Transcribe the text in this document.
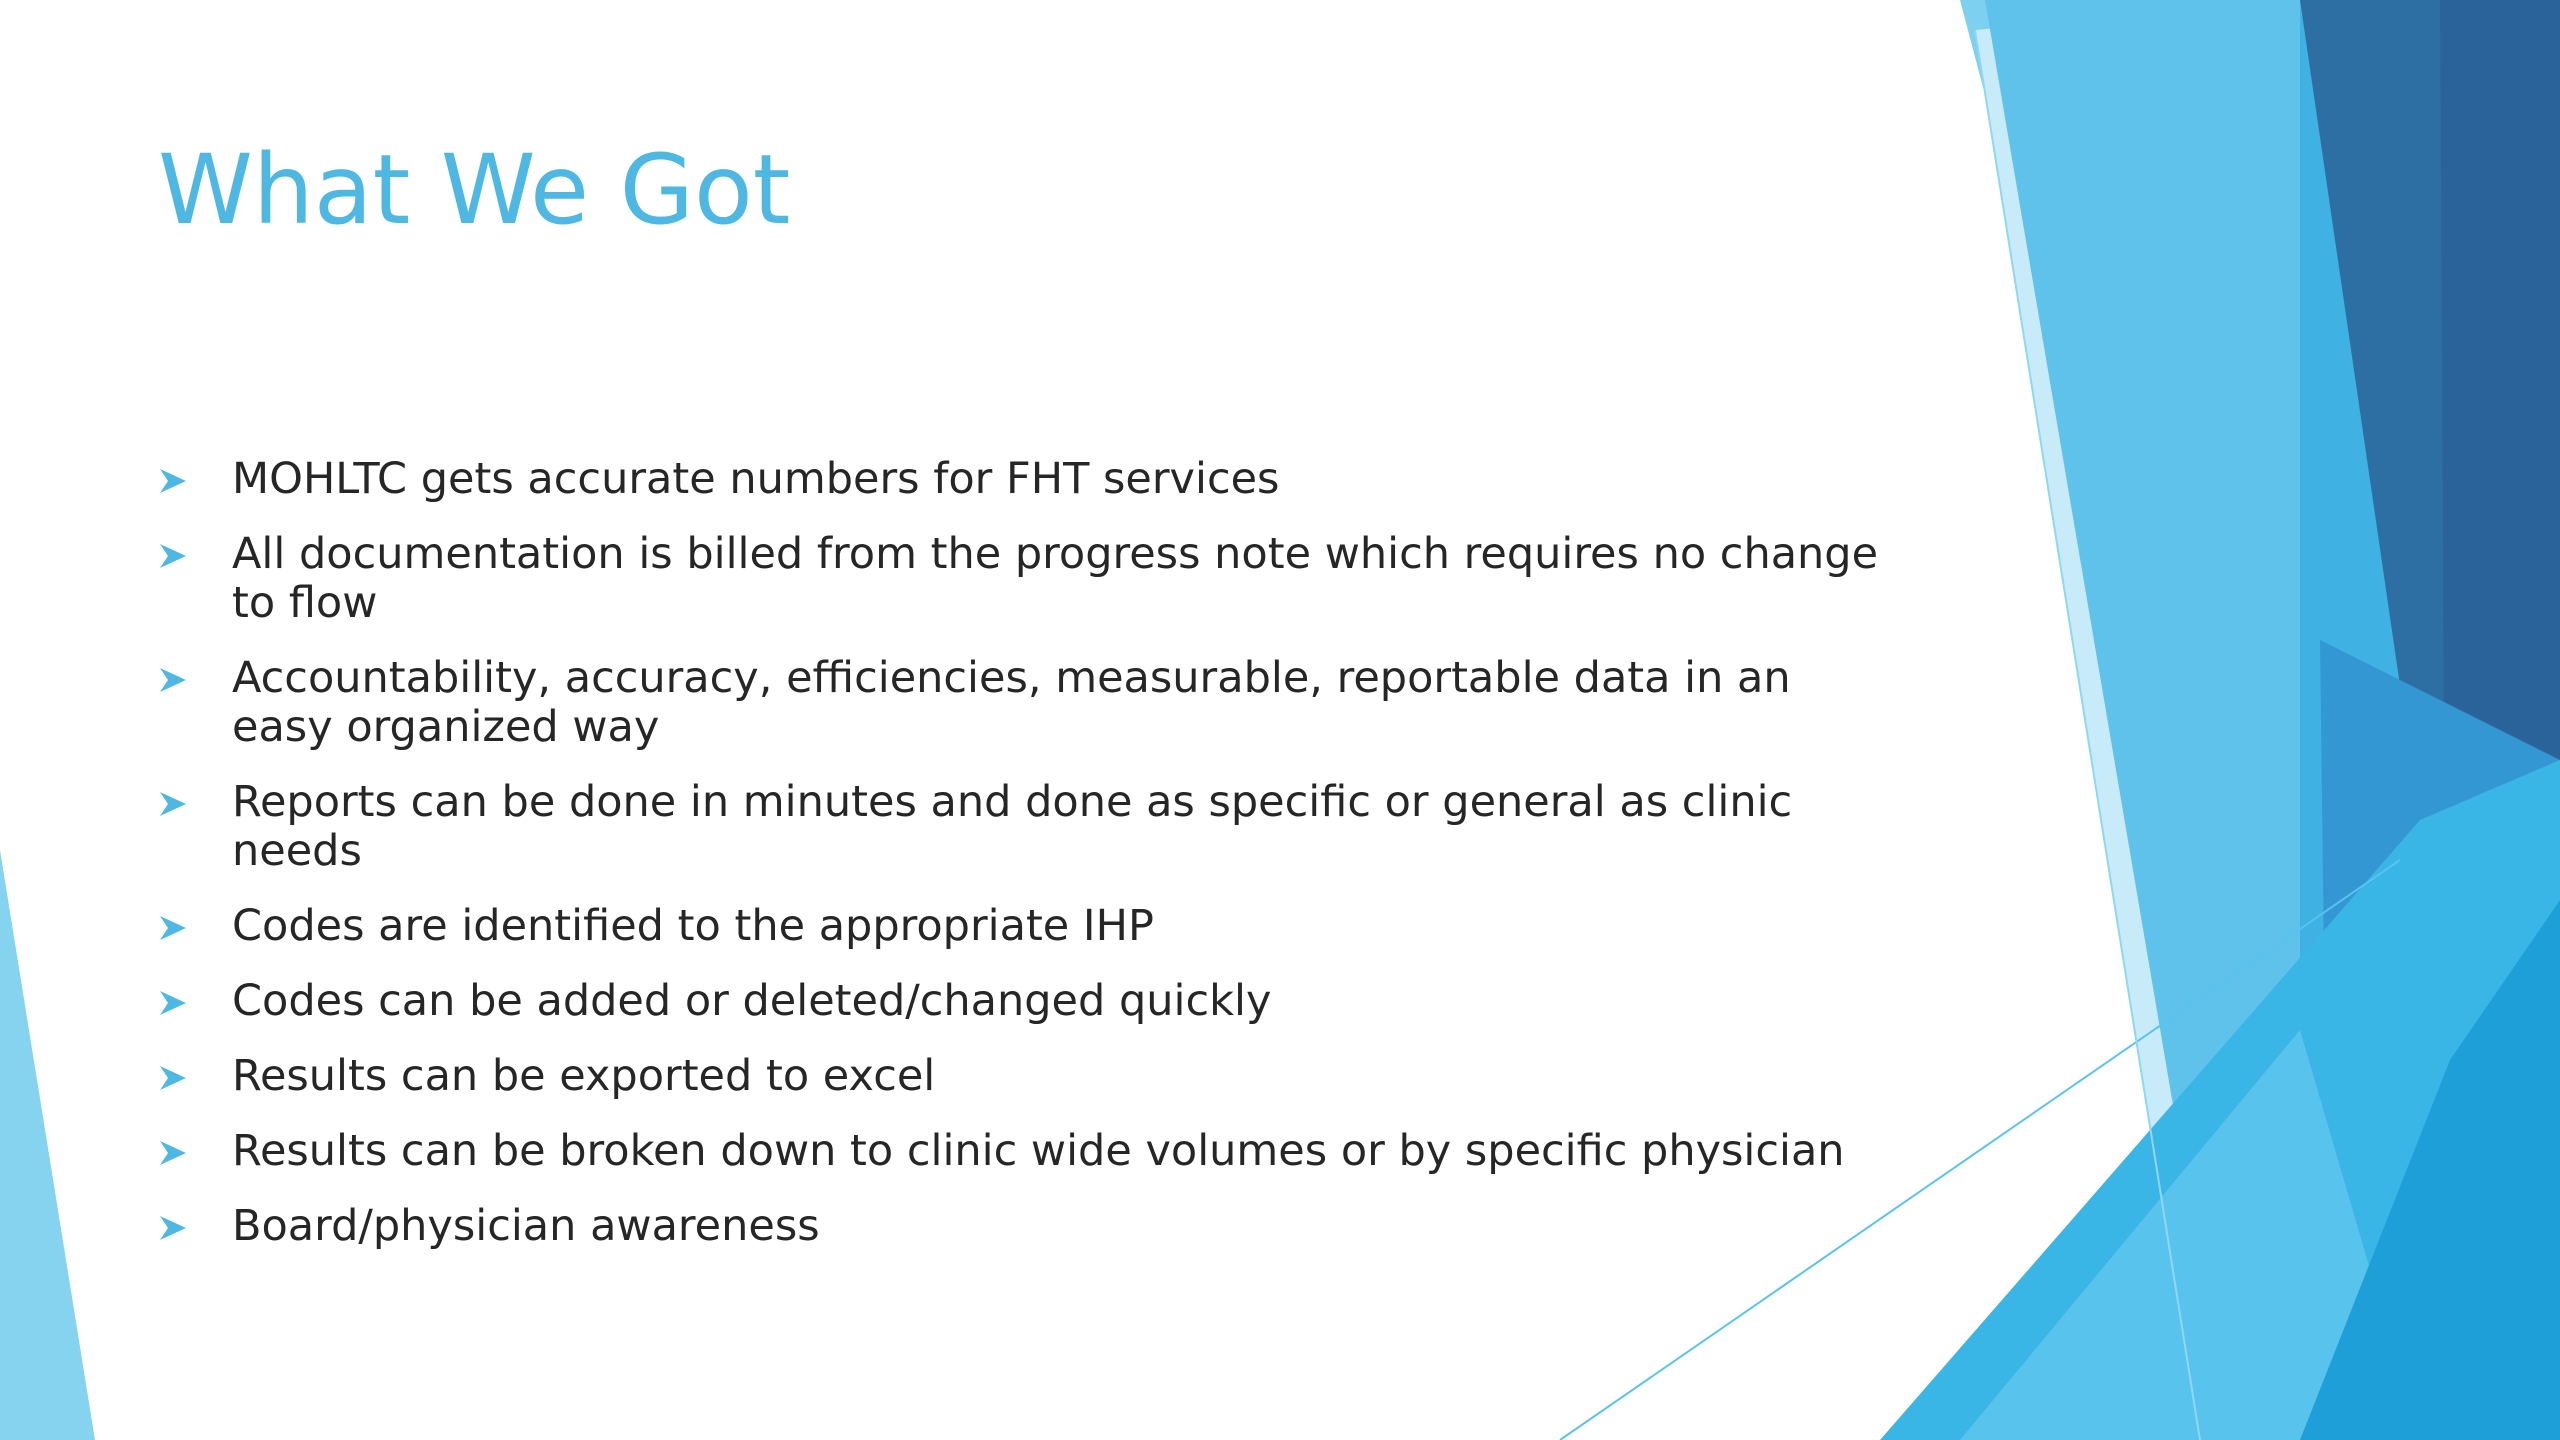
What We Got
MOHLTC gets accurate numbers for FHT services
All documentation is billed from the progress note which requires no change to flow
Accountability, accuracy, efficiencies, measurable, reportable data in an easy organized way
Reports can be done in minutes and done as specific or general as clinic needs
Codes are identified to the appropriate IHP
Codes can be added or deleted/changed quickly
Results can be exported to excel
Results can be broken down to clinic wide volumes or by specific physician
Board/physician awareness
